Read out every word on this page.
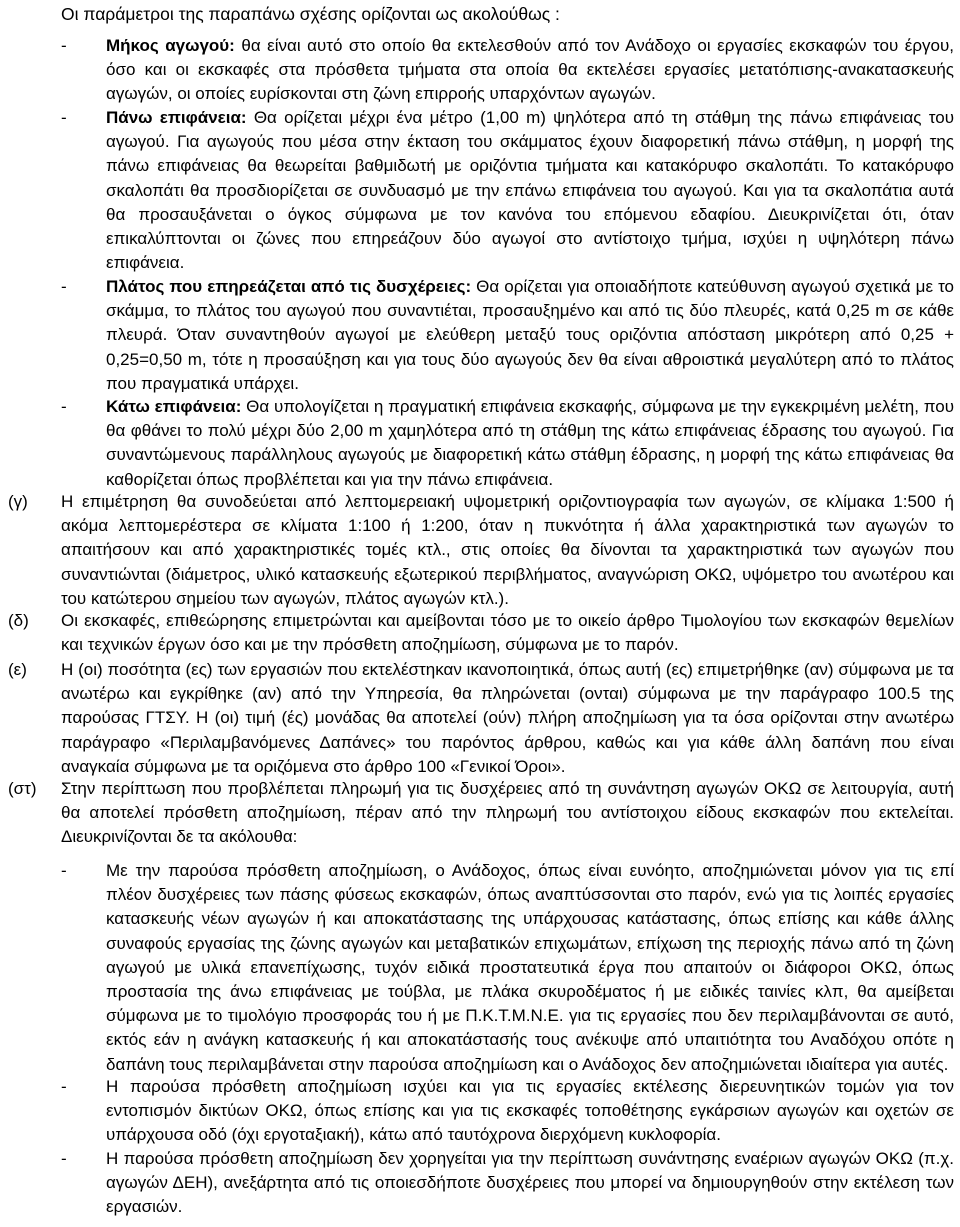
Οι παράμετροι της παραπάνω σχέσης ορίζονται ως ακολούθως :
- Μήκος αγωγού: θα είναι αυτό στο οποίο θα εκτελεσθούν από τον Ανάδοχο οι εργασίες εκσκαφών του έργου, όσο και οι εκσκαφές στα πρόσθετα τμήματα στα οποία θα εκτελέσει εργασίες μετατόπισης-ανακατασκευής αγωγών, οι οποίες ευρίσκονται στη ζώνη επιρροής υπαρχόντων αγωγών.
- Πάνω επιφάνεια: Θα ορίζεται μέχρι ένα μέτρο (1,00 m) ψηλότερα από τη στάθμη της πάνω επιφάνειας του αγωγού. Για αγωγούς που μέσα στην έκταση του σκάμματος έχουν διαφορετική πάνω στάθμη, η μορφή της πάνω επιφάνειας θα θεωρείται βαθμιδωτή με οριζόντια τμήματα και κατακόρυφο σκαλοπάτι. Το κατακόρυφο σκαλοπάτι θα προσδιορίζεται σε συνδυασμό με την επάνω επιφάνεια του αγωγού. Και για τα σκαλοπάτια αυτά θα προσαυξάνεται ο όγκος σύμφωνα με τον κανόνα του επόμενου εδαφίου. Διευκρινίζεται ότι, όταν επικαλύπτονται οι ζώνες που επηρεάζουν δύο αγωγοί στο αντίστοιχο τμήμα, ισχύει η υψηλότερη πάνω επιφάνεια.
- Πλάτος που επηρεάζεται από τις δυσχέρειες: Θα ορίζεται για οποιαδήποτε κατεύθυνση αγωγού σχετικά με το σκάμμα, το πλάτος του αγωγού που συναντιέται, προσαυξημένο και από τις δύο πλευρές, κατά 0,25 m σε κάθε πλευρά. Όταν συναντηθούν αγωγοί με ελεύθερη μεταξύ τους οριζόντια απόσταση μικρότερη από 0,25 + 0,25=0,50 m, τότε η προσαύξηση και για τους δύο αγωγούς δεν θα είναι αθροιστικά μεγαλύτερη από το πλάτος που πραγματικά υπάρχει.
- Κάτω επιφάνεια: Θα υπολογίζεται η πραγματική επιφάνεια εκσκαφής, σύμφωνα με την εγκεκριμένη μελέτη, που θα φθάνει το πολύ μέχρι δύο 2,00 m χαμηλότερα από τη στάθμη της κάτω επιφάνειας έδρασης του αγωγού. Για συναντώμενους παράλληλους αγωγούς με διαφορετική κάτω στάθμη έδρασης, η μορφή της κάτω επιφάνειας θα καθορίζεται όπως προβλέπεται και για την πάνω επιφάνεια.
(γ) Η επιμέτρηση θα συνοδεύεται από λεπτομερειακή υψομετρική οριζοντιογραφία των αγωγών, σε κλίμακα 1:500 ή ακόμα λεπτομερέστερα σε κλίματα 1:100 ή 1:200, όταν η πυκνότητα ή άλλα χαρακτηριστικά των αγωγών το απαιτήσουν και από χαρακτηριστικές τομές κτλ., στις οποίες θα δίνονται τα χαρακτηριστικά των αγωγών που συναντιώνται (διάμετρος, υλικό κατασκευής εξωτερικού περιβλήματος, αναγνώριση ΟΚΩ, υψόμετρο του ανωτέρου και του κατώτερου σημείου των αγωγών, πλάτος αγωγών κτλ.).
(δ) Οι εκσκαφές, επιθεώρησης επιμετρώνται και αμείβονται τόσο με το οικείο άρθρο Τιμολογίου των εκσκαφών θεμελίων και τεχνικών έργων όσο και με την πρόσθετη αποζημίωση, σύμφωνα με το παρόν.
(ε) Η (οι) ποσότητα (ες) των εργασιών που εκτελέστηκαν ικανοποιητικά, όπως αυτή (ες) επιμετρήθηκε (αν) σύμφωνα με τα ανωτέρω και εγκρίθηκε (αν) από την Υπηρεσία, θα πληρώνεται (ονται) σύμφωνα με την παράγραφο 100.5 της παρούσας ΓΤΣΥ. Η (οι) τιμή (ές) μονάδας θα αποτελεί (ούν) πλήρη αποζημίωση για τα όσα ορίζονται στην ανωτέρω παράγραφο «Περιλαμβανόμενες Δαπάνες» του παρόντος άρθρου, καθώς και για κάθε άλλη δαπάνη που είναι αναγκαία σύμφωνα με τα οριζόμενα στο άρθρο 100 «Γενικοί Όροι».
(στ) Στην περίπτωση που προβλέπεται πληρωμή για τις δυσχέρειες από τη συνάντηση αγωγών ΟΚΩ σε λειτουργία, αυτή θα αποτελεί πρόσθετη αποζημίωση, πέραν από την πληρωμή του αντίστοιχου είδους εκσκαφών που εκτελείται. Διευκρινίζονται δε τα ακόλουθα:
- Με την παρούσα πρόσθετη αποζημίωση, ο Ανάδοχος, όπως είναι ευνόητο, αποζημιώνεται μόνον για τις επί πλέον δυσχέρειες των πάσης φύσεως εκσκαφών, όπως αναπτύσσονται στο παρόν, ενώ για τις λοιπές εργασίες κατασκευής νέων αγωγών ή και αποκατάστασης της υπάρχουσας κατάστασης, όπως επίσης και κάθε άλλης συναφούς εργασίας της ζώνης αγωγών και μεταβατικών επιχωμάτων, επίχωση της περιοχής πάνω από τη ζώνη αγωγού με υλικά επανεπίχωσης, τυχόν ειδικά προστατευτικά έργα που απαιτούν οι διάφοροι ΟΚΩ, όπως προστασία της άνω επιφάνειας με τούβλα, με πλάκα σκυροδέματος ή με ειδικές ταινίες κλπ, θα αμείβεται σύμφωνα με το τιμολόγιο προσφοράς του ή με Π.Κ.Τ.Μ.Ν.Ε. για τις εργασίες που δεν περιλαμβάνονται σε αυτό, εκτός εάν η ανάγκη κατασκευής ή και αποκατάστασής τους ανέκυψε από υπαιτιότητα του Αναδόχου οπότε η δαπάνη τους περιλαμβάνεται στην παρούσα αποζημίωση και ο Ανάδοχος δεν αποζημιώνεται ιδιαίτερα για αυτές.
- Η παρούσα πρόσθετη αποζημίωση ισχύει και για τις εργασίες εκτέλεσης διερευνητικών τομών για τον εντοπισμόν δικτύων ΟΚΩ, όπως επίσης και για τις εκσκαφές τοποθέτησης εγκάρσιων αγωγών και οχετών σε υπάρχουσα οδό (όχι εργοταξιακή), κάτω από ταυτόχρονα διερχόμενη κυκλοφορία.
- Η παρούσα πρόσθετη αποζημίωση δεν χορηγείται για την περίπτωση συνάντησης εναέριων αγωγών ΟΚΩ (π.χ. αγωγών ΔΕΗ), ανεξάρτητα από τις οποιεσδήποτε δυσχέρειες που μπορεί να δημιουργηθούν στην εκτέλεση των εργασιών.
